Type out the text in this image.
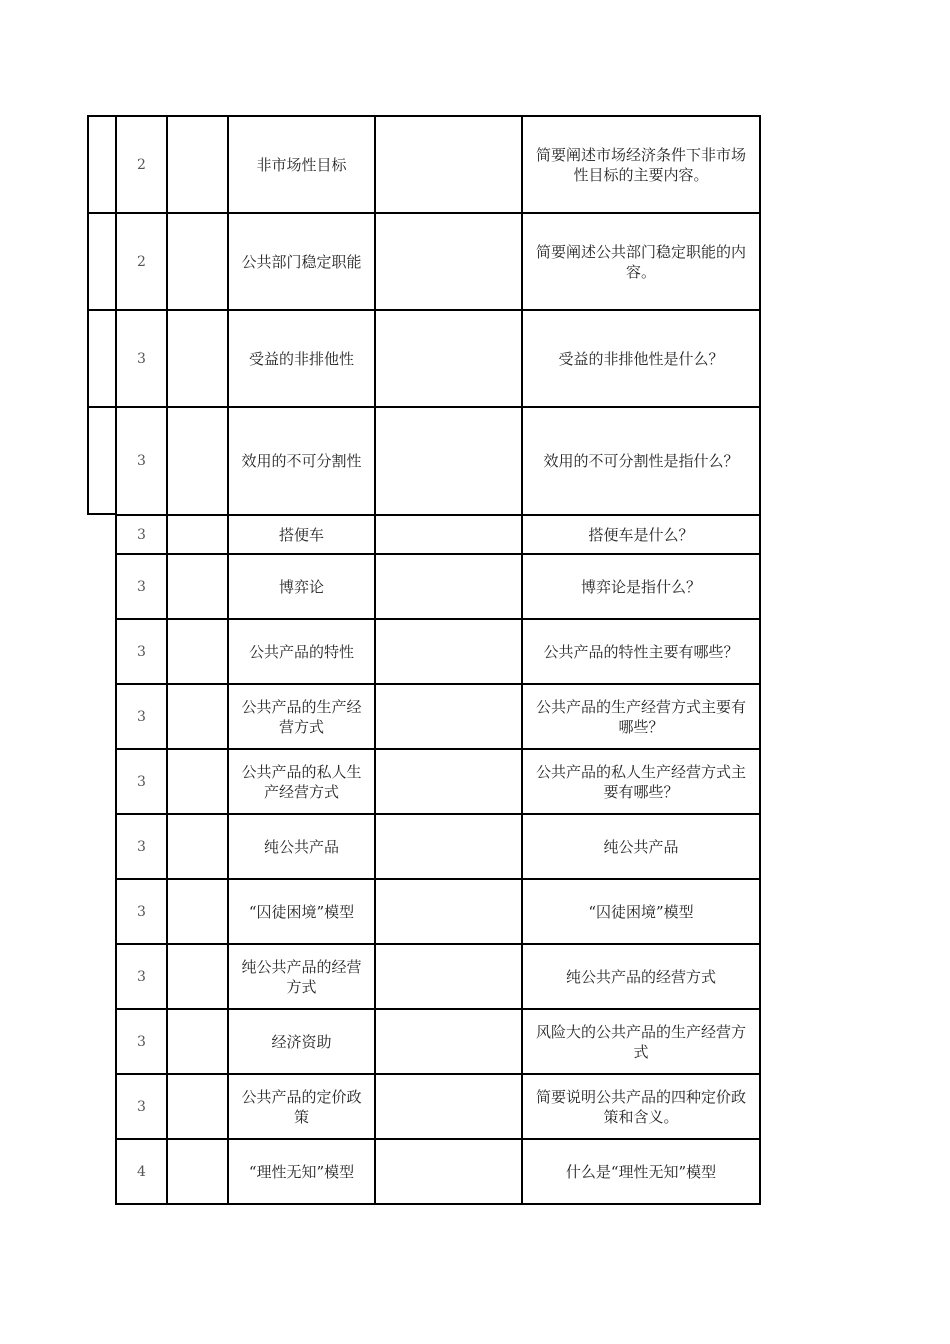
2		非市场性目标		简要阐述市场经济条件下非市场性目标的主要内容。
2		公共部门稳定职能		简要阐述公共部门稳定职能的内容。
3		受益的非排他性		受益的非排他性是什么？
3		效用的不可分割性		效用的不可分割性是指什么？
3		搭便车		搭便车是什么？
3		博弈论		博弈论是指什么？
3		公共产品的特性		公共产品的特性主要有哪些？
3		公共产品的生产经营方式		公共产品的生产经营方式主要有哪些？
3		公共产品的私人生产经营方式		公共产品的私人生产经营方式主要有哪些？
3		纯公共产品		纯公共产品
3		“囚徒困境”模型		“囚徒困境”模型
3		纯公共产品的经营方式		纯公共产品的经营方式
3		经济资助		风险大的公共产品的生产经营方式
3		公共产品的定价政策		简要说明公共产品的四种定价政策和含义。
4		“理性无知”模型		什么是“理性无知”模型
